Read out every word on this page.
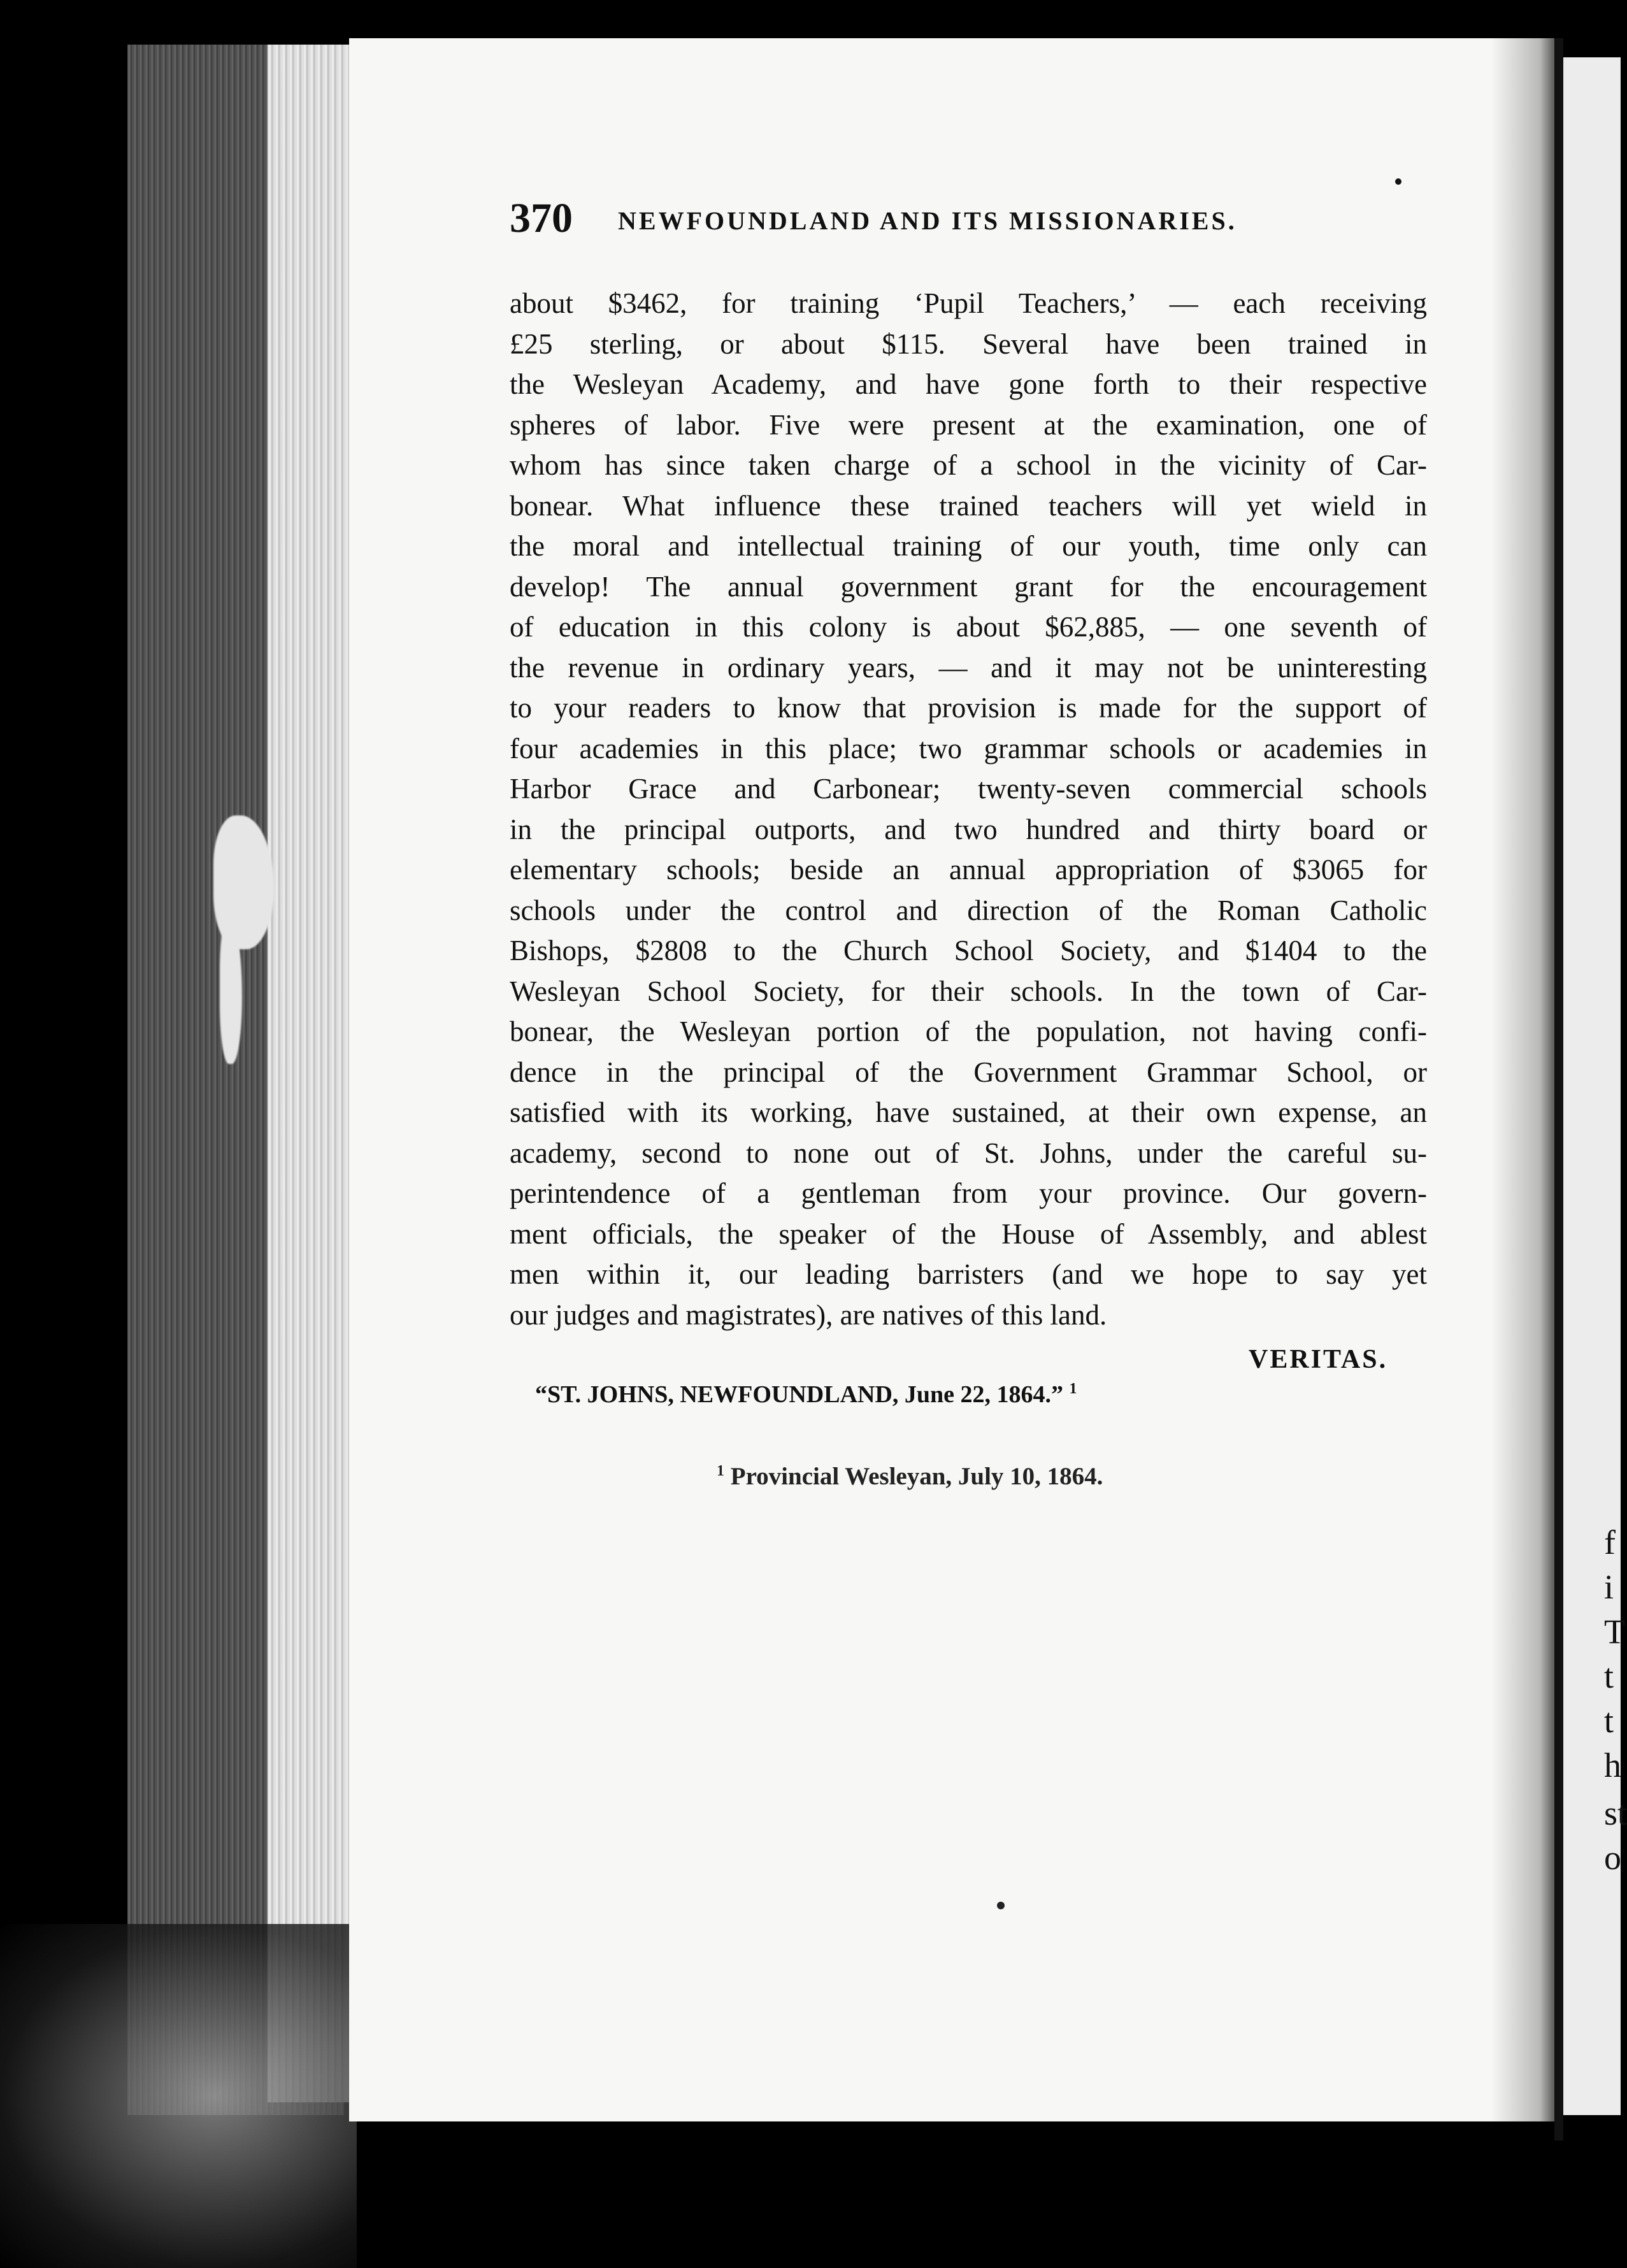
f
i
T
t
t
h
st
o
370 NEWFOUNDLAND AND ITS MISSIONARIES.
about $3462, for training ‘Pupil Teachers,’ — each receiving
£25 sterling, or about $115. Several have been trained in
the Wesleyan Academy, and have gone forth to their respective
spheres of labor. Five were present at the examination, one of
whom has since taken charge of a school in the vicinity of Car-
bonear. What influence these trained teachers will yet wield in
the moral and intellectual training of our youth, time only can
develop! The annual government grant for the encouragement
of education in this colony is about $62,885, — one seventh of
the revenue in ordinary years, — and it may not be uninteresting
to your readers to know that provision is made for the support of
four academies in this place; two grammar schools or academies in
Harbor Grace and Carbonear; twenty-seven commercial schools
in the principal outports, and two hundred and thirty board or
elementary schools; beside an annual appropriation of $3065 for
schools under the control and direction of the Roman Catholic
Bishops, $2808 to the Church School Society, and $1404 to the
Wesleyan School Society, for their schools. In the town of Car-
bonear, the Wesleyan portion of the population, not having confi-
dence in the principal of the Government Grammar School, or
satisfied with its working, have sustained, at their own expense, an
academy, second to none out of St. Johns, under the careful su-
perintendence of a gentleman from your province. Our govern-
ment officials, the speaker of the House of Assembly, and ablest
men within it, our leading barristers (and we hope to say yet
our judges and magistrates), are natives of this land.
VERITAS.
“ST. JOHNS, NEWFOUNDLAND, June 22, 1864.” $^1$
$^1$ Provincial Wesleyan, July 10, 1864.
